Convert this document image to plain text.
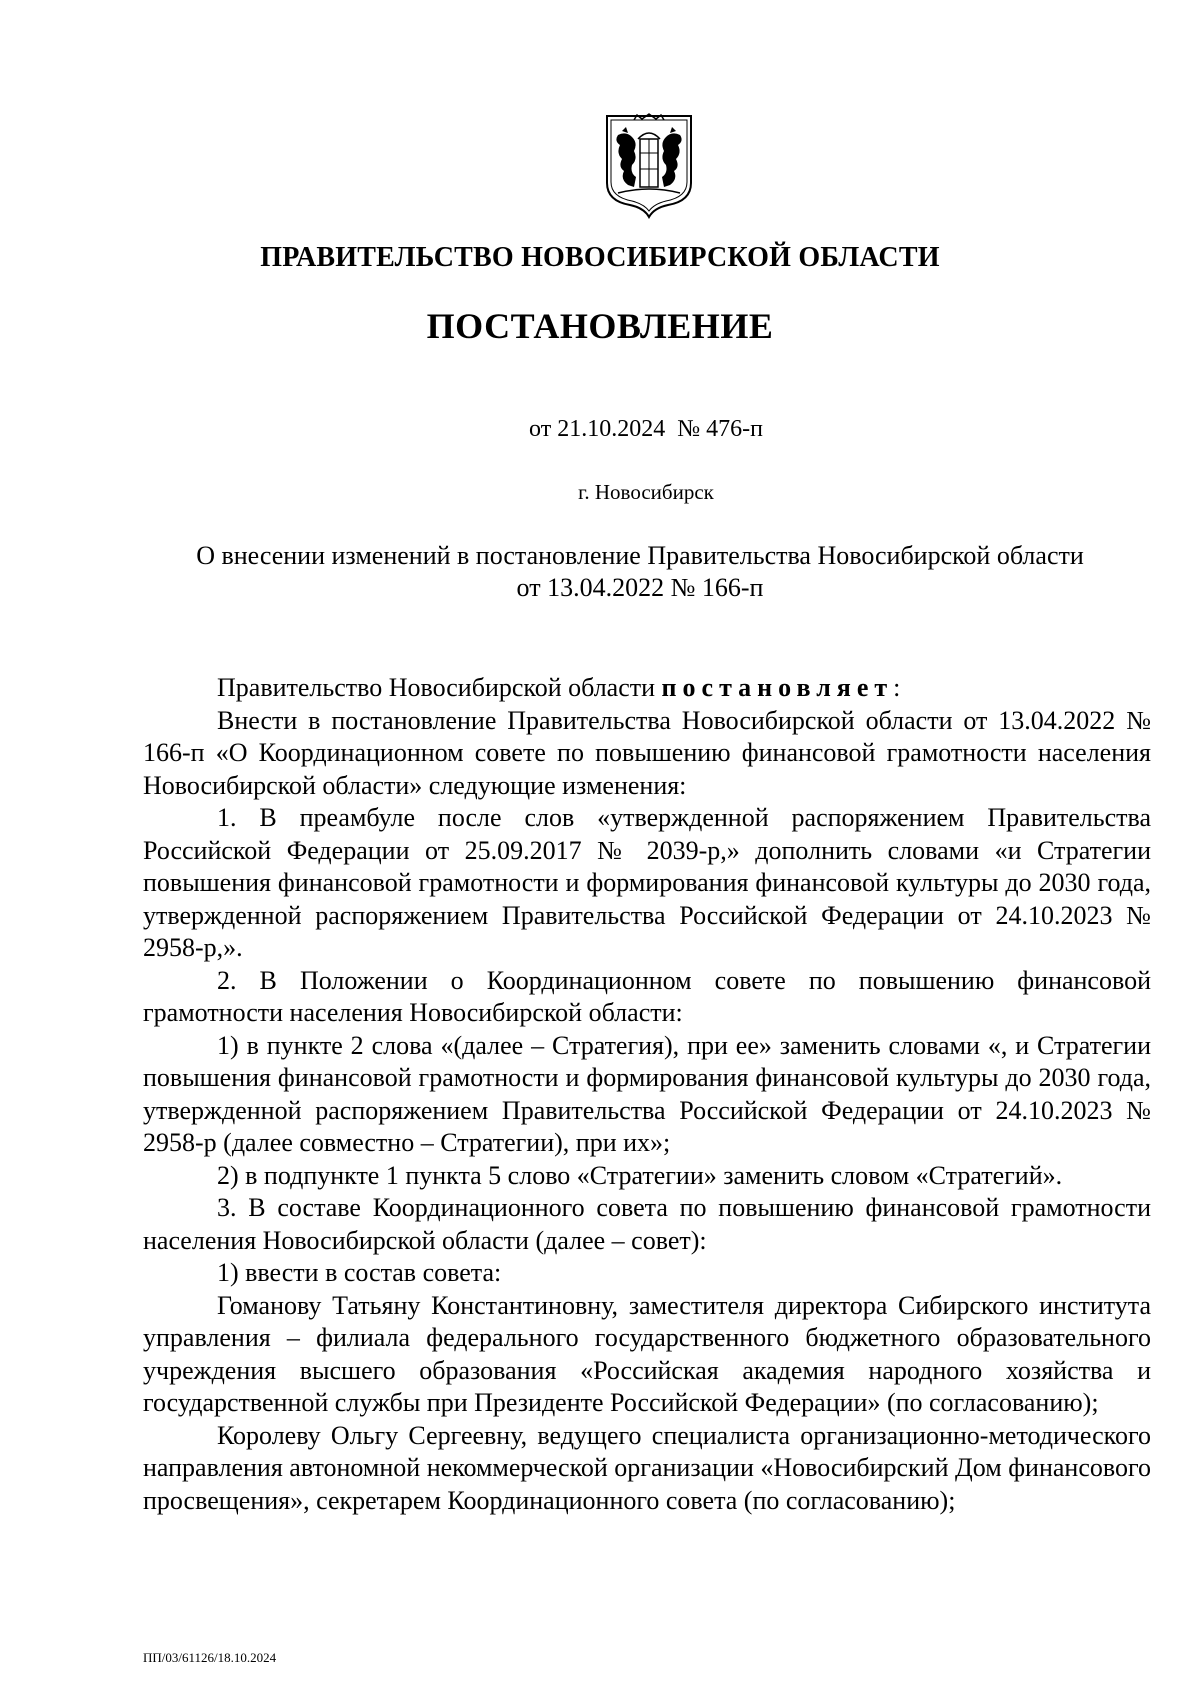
ПРАВИТЕЛЬСТВО НОВОСИБИРСКОЙ ОБЛАСТИ
ПОСТАНОВЛЕНИЕ
от 21.10.2024 № 476-п
г. Новосибирск
О внесении изменений в постановление Правительства Новосибирской области
от 13.04.2022 № 166-п

Правительство Новосибирской области постановляет:

Внести в постановление Правительства Новосибирской области от 13.04.2022 № 166-п «О Координационном совете по повышению финансовой грамотности населения Новосибирской области» следующие изменения:

1. В преамбуле после слов «утвержденной распоряжением Правительства Российской Федерации от 25.09.2017 № 2039-р,» дополнить словами «и Стратегии повышения финансовой грамотности и формирования финансовой культуры до 2030 года, утвержденной распоряжением Правительства Российской Федерации от 24.10.2023 № 2958-р,».

2. В Положении о Координационном совете по повышению финансовой грамотности населения Новосибирской области:

1) в пункте 2 слова «(далее – Стратегия), при ее» заменить словами «, и Стратегии повышения финансовой грамотности и формирования финансовой культуры до 2030 года, утвержденной распоряжением Правительства Российской Федерации от 24.10.2023 № 2958-р (далее совместно – Стратегии), при их»;

2) в подпункте 1 пункта 5 слово «Стратегии» заменить словом «Стратегий».

3. В составе Координационного совета по повышению финансовой грамотности населения Новосибирской области (далее – совет):

1) ввести в состав совета:

Гоманову Татьяну Константиновну, заместителя директора Сибирского института управления – филиала федерального государственного бюджетного образовательного учреждения высшего образования «Российская академия народного хозяйства и государственной службы при Президенте Российской Федерации» (по согласованию);

Королеву Ольгу Сергеевну, ведущего специалиста организационно-методического направления автономной некоммерческой организации «Новосибирский Дом финансового просвещения», секретарем Координационного совета (по согласованию);

ПП/03/61126/18.10.2024
